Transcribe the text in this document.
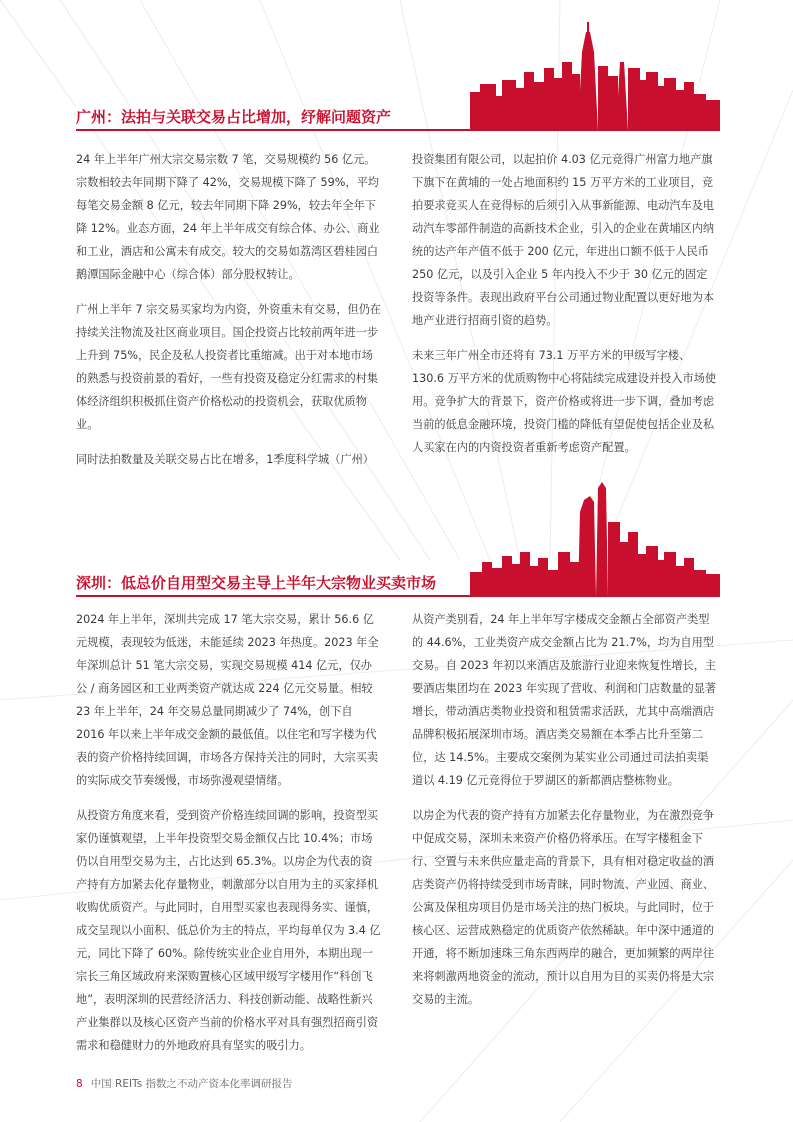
广州：法拍与关联交易占比增加，纾解问题资产

24 年上半年广州大宗交易宗数 7 笔，交易规模约 56 亿元。宗数相较去年同期下降了 42%，交易规模下降了 59%，平均每笔交易金额 8 亿元，较去年同期下降 29%，较去年全年下降 12%。业态方面，24 年上半年成交有综合体、办公、商业和工业，酒店和公寓未有成交。较大的交易如荔湾区碧桂园白鹅潭国际金融中心（综合体）部分股权转让。

广州上半年 7 宗交易买家均为内资，外资重未有交易，但仍在持续关注物流及社区商业项目。国企投资占比较前两年进一步上升到 75%，民企及私人投资者比重缩减。出于对本地市场的熟悉与投资前景的看好，一些有投资及稳定分红需求的村集体经济组织积极抓住资产价格松动的投资机会，获取优质物业。

同时法拍数量及关联交易占比在增多，1季度科学城（广州）

投资集团有限公司，以起拍价 4.03 亿元竞得广州富力地产旗下旗下在黄埔的一处占地面积约 15 万平方米的工业项目，竞拍要求竞买人在竞得标的后须引入从事新能源、电动汽车及电动汽车零部件制造的高新技术企业，引入的企业在黄埔区内纳统的达产年产值不低于 200 亿元，年进出口额不低于人民币 250 亿元，以及引入企业 5 年内投入不少于 30 亿元的固定投资等条件。表现出政府平台公司通过物业配置以更好地为本地产业进行招商引资的趋势。

未来三年广州全市还将有 73.1 万平方米的甲级写字楼、130.6 万平方米的优质购物中心将陆续完成建设并投入市场使用。竞争扩大的背景下，资产价格或将进一步下调，叠加考虑当前的低息金融环境，投资门槛的降低有望促使包括企业及私人买家在内的内资投资者重新考虑资产配置。

深圳：低总价自用型交易主导上半年大宗物业买卖市场

2024 年上半年，深圳共完成 17 笔大宗交易，累计 56.6 亿元规模，表现较为低迷，未能延续 2023 年热度。2023 年全年深圳总计 51 笔大宗交易，实现交易规模 414 亿元，仅办公 / 商务园区和工业两类资产就达成 224 亿元交易量。相较 23 年上半年，24 年交易总量同期减少了 74%，创下自 2016 年以来上半年成交金额的最低值。以住宅和写字楼为代表的资产价格持续回调，市场各方保持关注的同时，大宗买卖的实际成交节奏缓慢，市场弥漫观望情绪。

从投资方角度来看，受到资产价格连续回调的影响，投资型买家仍谨慎观望，上半年投资型交易金额仅占比 10.4%；市场仍以自用型交易为主，占比达到 65.3%。以房企为代表的资产持有方加紧去化存量物业，刺激部分以自用为主的买家择机收购优质资产。与此同时，自用型买家也表现得务实、谨慎，成交呈现以小面积、低总价为主的特点，平均每单仅为 3.4 亿元，同比下降了 60%。除传统实业企业自用外，本期出现一宗长三角区域政府来深购置核心区域甲级写字楼用作“科创飞地”，表明深圳的民营经济活力、科技创新动能、战略性新兴产业集群以及核心区资产当前的价格水平对具有强烈招商引资需求和稳健财力的外地政府具有坚实的吸引力。

从资产类别看，24 年上半年写字楼成交金额占全部资产类型的 44.6%，工业类资产成交金额占比为 21.7%，均为自用型交易。自 2023 年初以来酒店及旅游行业迎来恢复性增长，主要酒店集团均在 2023 年实现了营收、利润和门店数量的显著增长，带动酒店类物业投资和租赁需求活跃，尤其中高端酒店品牌积极拓展深圳市场。酒店类交易额在本季占比升至第二位，达 14.5%。主要成交案例为某实业公司通过司法拍卖渠道以 4.19 亿元竞得位于罗湖区的新都酒店整栋物业。

以房企为代表的资产持有方加紧去化存量物业，为在激烈竞争中促成交易，深圳未来资产价格仍将承压。在写字楼租金下行、空置与未来供应量走高的背景下，具有相对稳定收益的酒店类资产仍将持续受到市场青睐，同时物流、产业园、商业、公寓及保租房项目仍是市场关注的热门板块。与此同时，位于核心区、运营成熟稳定的优质资产依然稀缺。年中深中通道的开通，将不断加速珠三角东西两岸的融合，更加频繁的两岸往来将刺激两地资金的流动，预计以自用为目的买卖仍将是大宗交易的主流。

8 中国 REITs 指数之不动产资本化率调研报告
